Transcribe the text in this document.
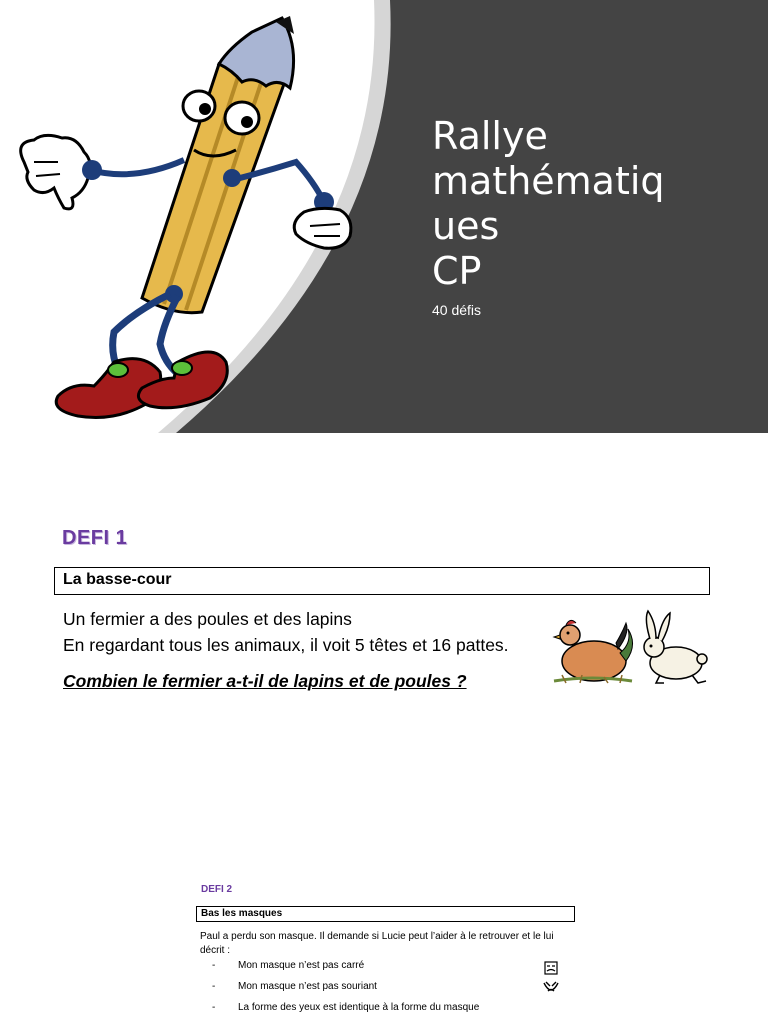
Rallye
mathématiq
ues
CP

40 défis

DEFI 1

La basse-cour

Un fermier a des poules et des lapins

En regardant tous les animaux, il voit 5 têtes et 16 pattes.

Combien le fermier a-t-il de lapins et de poules ?

DEFI 2

Bas les masques

Paul a perdu son masque. Il demande si Lucie peut l’aider à le retrouver et le lui décrit :

- Mon masque n’est pas carré
- Mon masque n’est pas souriant
- La forme des yeux est identique à la forme du masque
